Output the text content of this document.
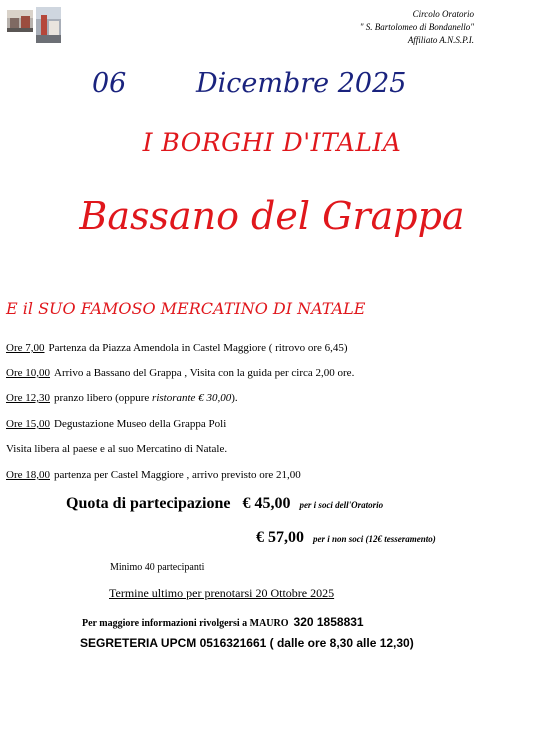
Circolo Oratorio
" S. Bartolomeo di Bondanello"
Affiliato A.N.S.P.I.
06	Dicembre 2025
I BORGHI D'ITALIA
Bassano del Grappa
E il SUO FAMOSO MERCATINO DI NATALE
Ore 7,00 Partenza da Piazza Amendola in Castel Maggiore ( ritrovo ore 6,45)
Ore 10,00 Arrivo a Bassano del Grappa , Visita con la guida per circa 2,00 ore.
Ore 12,30 pranzo libero (oppure ristorante € 30,00).
Ore 15,00 Degustazione Museo della Grappa Poli
Visita libera al paese e al suo Mercatino di Natale.
Ore 18,00 partenza per Castel Maggiore , arrivo previsto ore 21,00
Quota di partecipazione € 45,00 per i soci dell'Oratorio
€ 57,00 per i non soci (12€ tesseramento)
Minimo 40 partecipanti
Termine ultimo per prenotarsi 20 Ottobre 2025
Per maggiore informazioni rivolgersi a MAURO 320 1858831
SEGRETERIA UPCM 0516321661 ( dalle ore 8,30 alle 12,30)
